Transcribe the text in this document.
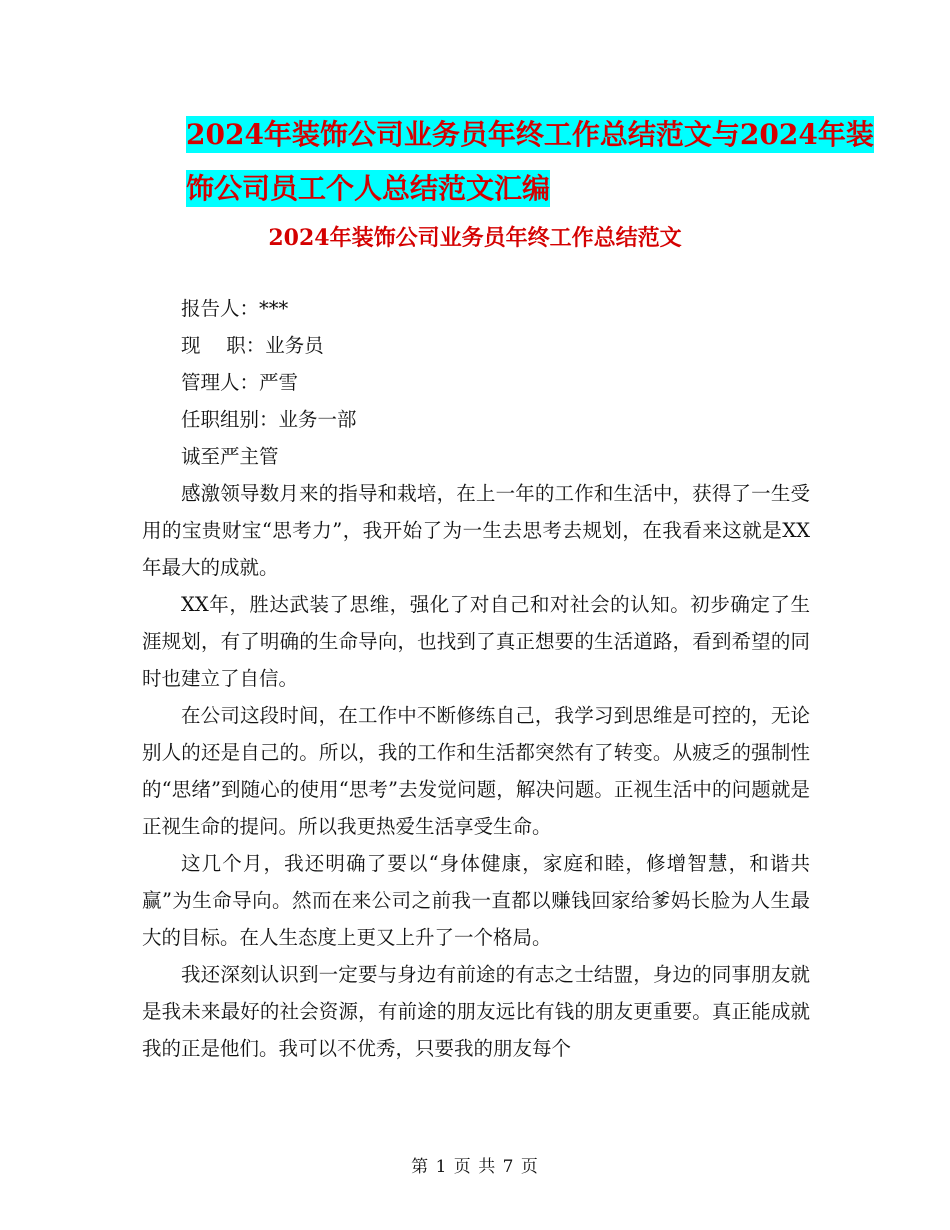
2024年装饰公司业务员年终工作总结范文与2024年装
饰公司员工个人总结范文汇编
2024年装饰公司业务员年终工作总结范文

报告人：***

现　 职：业务员

管理人：严雪

任职组别：业务一部

诚至严主管

感激领导数月来的指导和栽培，在上一年的工作和生活中，获得了一生受用的宝贵财宝“思考力”，我开始了为一生去思考去规划，在我看来这就是XX年最大的成就。

XX年，胜达武装了思维，强化了对自己和对社会的认知。初步确定了生涯规划，有了明确的生命导向，也找到了真正想要的生活道路，看到希望的同时也建立了自信。

在公司这段时间，在工作中不断修练自己，我学习到思维是可控的，无论别人的还是自己的。所以，我的工作和生活都突然有了转变。从疲乏的强制性的“思绪”到随心的使用“思考”去发觉问题，解决问题。正视生活中的问题就是正视生命的提问。所以我更热爱生活享受生命。

这几个月，我还明确了要以“身体健康，家庭和睦，修增智慧，和谐共赢”为生命导向。然而在来公司之前我一直都以赚钱回家给爹妈长脸为人生最大的目标。在人生态度上更又上升了一个格局。

我还深刻认识到一定要与身边有前途的有志之士结盟，身边的同事朋友就是我未来最好的社会资源，有前途的朋友远比有钱的朋友更重要。真正能成就我的正是他们。我可以不优秀，只要我的朋友每个

第 1 页 共 7 页
